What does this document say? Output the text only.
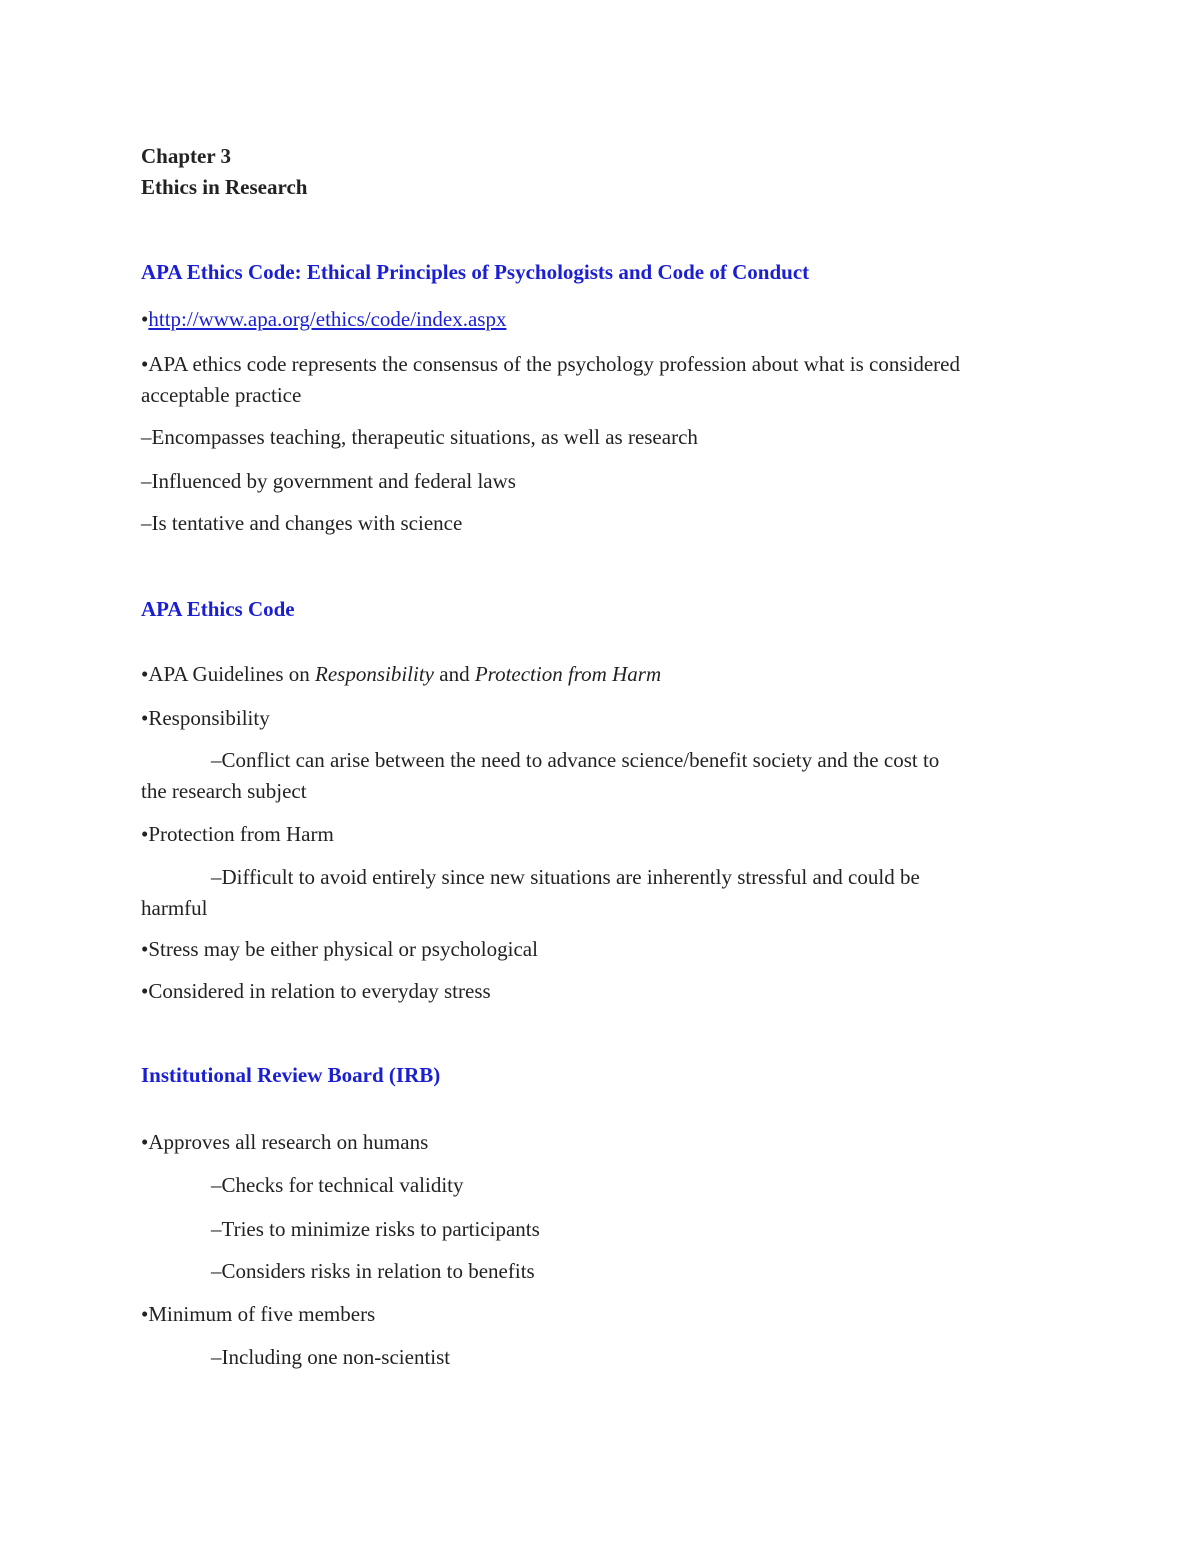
Chapter 3
Ethics in Research
APA Ethics Code: Ethical Principles of Psychologists and Code of Conduct
•http://www.apa.org/ethics/code/index.aspx
•APA ethics code represents the consensus of the psychology profession about what is considered
acceptable practice
–Encompasses teaching, therapeutic situations, as well as research
–Influenced by government and federal laws
–Is tentative and changes with science
APA Ethics Code
•APA Guidelines on Responsibility and Protection from Harm
•Responsibility
–Conflict can arise between the need to advance science/benefit society and the cost to
the research subject
•Protection from Harm
–Difficult to avoid entirely since new situations are inherently stressful and could be
harmful
•Stress may be either physical or psychological
•Considered in relation to everyday stress
Institutional Review Board (IRB)
•Approves all research on humans
–Checks for technical validity
–Tries to minimize risks to participants
–Considers risks in relation to benefits
•Minimum of five members
–Including one non-scientist
